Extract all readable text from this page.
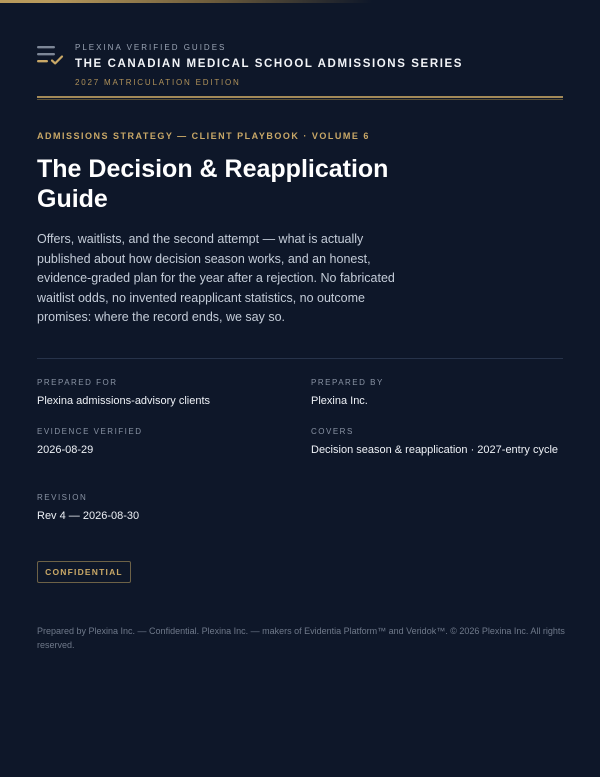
PLEXINA VERIFIED GUIDES
THE CANADIAN MEDICAL SCHOOL ADMISSIONS SERIES
2027 MATRICULATION EDITION
ADMISSIONS STRATEGY — CLIENT PLAYBOOK · VOLUME 6
The Decision & Reapplication Guide

Offers, waitlists, and the second attempt — what is actually published about how decision season works, and an honest, evidence-graded plan for the year after a rejection. No fabricated waitlist odds, no invented reapplicant statistics, no outcome promises: where the record ends, we say so.

PREPARED FOR
Plexina admissions-advisory clients
PREPARED BY
Plexina Inc.
EVIDENCE VERIFIED
2026-08-29
COVERS
Decision season & reapplication · 2027-entry cycle
REVISION
Rev 4 — 2026-08-30
CONFIDENTIAL

Prepared by Plexina Inc. — Confidential. Plexina Inc. — makers of Evidentia Platform™ and Veridok™. © 2026 Plexina Inc. All rights reserved.
